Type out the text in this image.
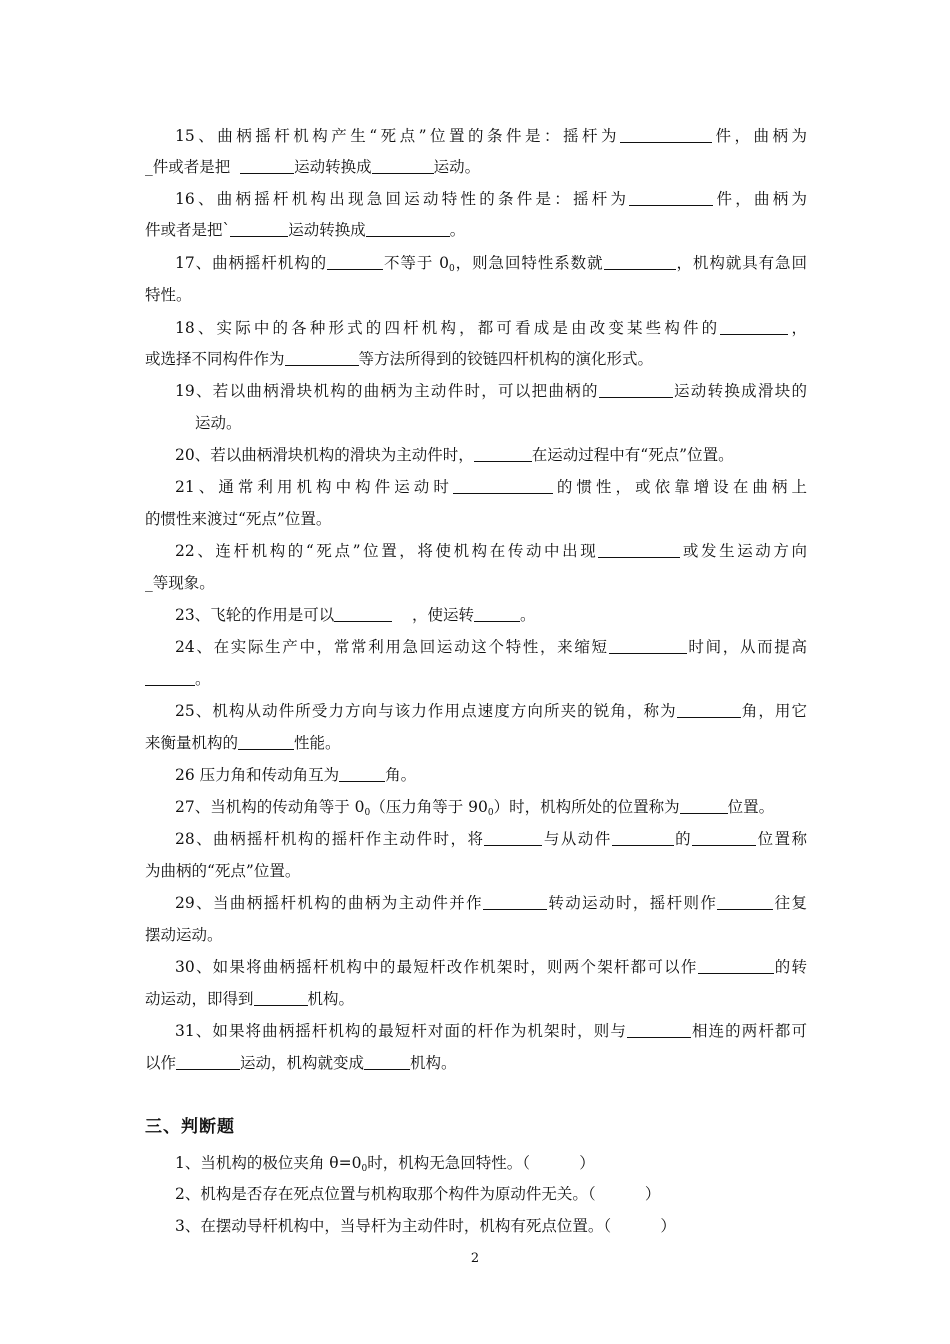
15、曲柄摇杆机构产生“死点”位置的条件是：摇杆为	件，曲柄为
_件或者是把	运动转换成	运动。
16、曲柄摇杆机构出现急回运动特性的条件是：摇杆为	件，曲柄为
件或者是把`	运动转换成	。
17、曲柄摇杆机构的	不等于 $0_0$，则急回特性系数就	，机构就具有急回
特性。
18、实际中的各种形式的四杆机构，都可看成是由改变某些构件的	，
或选择不同构件作为	等方法所得到的铰链四杆机构的演化形式。
19、若以曲柄滑块机构的曲柄为主动件时，可以把曲柄的	运动转换成滑块的
运动。
20、若以曲柄滑块机构的滑块为主动件时，	在运动过程中有“死点”位置。
21、通常利用机构中构件运动时	的惯性，或依靠增设在曲柄上
的惯性来渡过“死点”位置。
22、连杆机构的“死点”位置，将使机构在传动中出现	或发生运动方向
_等现象。
23、飞轮的作用是可以	，使运转	。
24、在实际生产中，常常利用急回运动这个特性，来缩短	时间，从而提高
。
25、机构从动件所受力方向与该力作用点速度方向所夹的锐角，称为	角，用它
来衡量机构的	性能。
26 压力角和传动角互为	角。
27、当机构的传动角等于 $0_0$（压力角等于 $90_0$）时，机构所处的位置称为	位置。
28、曲柄摇杆机构的摇杆作主动件时，将	与从动件	的	位置称
为曲柄的“死点”位置。
29、当曲柄摇杆机构的曲柄为主动件并作	转动运动时，摇杆则作	往复
摆动运动。
30、如果将曲柄摇杆机构中的最短杆改作机架时，则两个架杆都可以作	的转
动运动，即得到	机构。
31、如果将曲柄摇杆机构的最短杆对面的杆作为机架时，则与	相连的两杆都可
以作	运动，机构就变成	机构。
三、判断题
1、当机构的极位夹角 $\theta=0_0$时，机构无急回特性。（	）
2、机构是否存在死点位置与机构取那个构件为原动件无关。（	）
3、在摆动导杆机构中，当导杆为主动件时，机构有死点位置。（	）
2
